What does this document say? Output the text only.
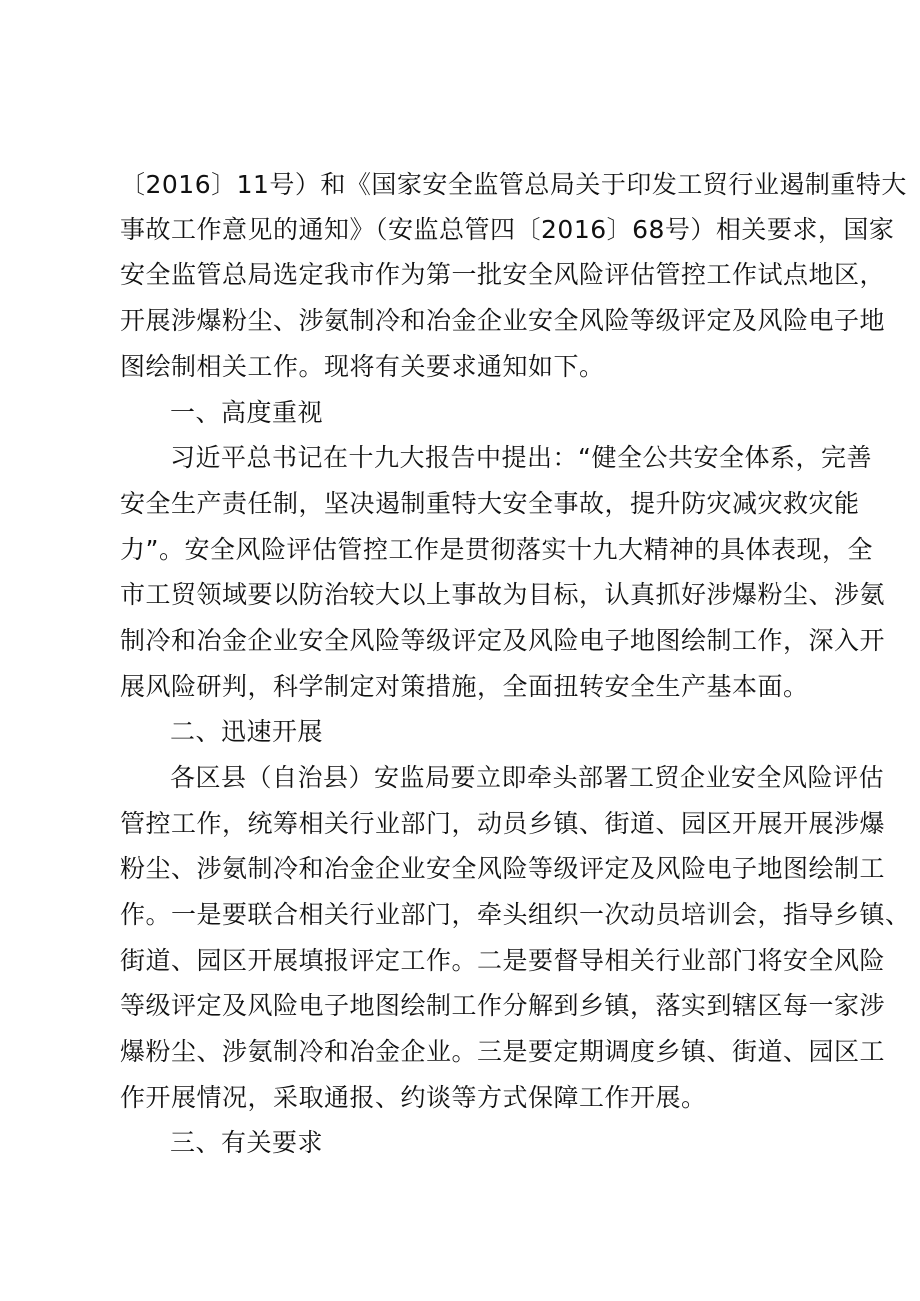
〔2016〕11号）和《国家安全监管总局关于印发工贸行业遏制重特大
事故工作意见的通知》（安监总管四〔2016〕68号）相关要求，国家
安全监管总局选定我市作为第一批安全风险评估管控工作试点地区，
开展涉爆粉尘、涉氨制冷和冶金企业安全风险等级评定及风险电子地
图绘制相关工作。现将有关要求通知如下。
一、高度重视
习近平总书记在十九大报告中提出：“健全公共安全体系，完善
安全生产责任制，坚决遏制重特大安全事故，提升防灾减灾救灾能
力”。安全风险评估管控工作是贯彻落实十九大精神的具体表现，全
市工贸领域要以防治较大以上事故为目标，认真抓好涉爆粉尘、涉氨
制冷和冶金企业安全风险等级评定及风险电子地图绘制工作，深入开
展风险研判，科学制定对策措施，全面扭转安全生产基本面。
二、迅速开展
各区县（自治县）安监局要立即牵头部署工贸企业安全风险评估
管控工作，统筹相关行业部门，动员乡镇、街道、园区开展开展涉爆
粉尘、涉氨制冷和冶金企业安全风险等级评定及风险电子地图绘制工
作。一是要联合相关行业部门，牵头组织一次动员培训会，指导乡镇、
街道、园区开展填报评定工作。二是要督导相关行业部门将安全风险
等级评定及风险电子地图绘制工作分解到乡镇，落实到辖区每一家涉
爆粉尘、涉氨制冷和冶金企业。三是要定期调度乡镇、街道、园区工
作开展情况，采取通报、约谈等方式保障工作开展。
三、有关要求
